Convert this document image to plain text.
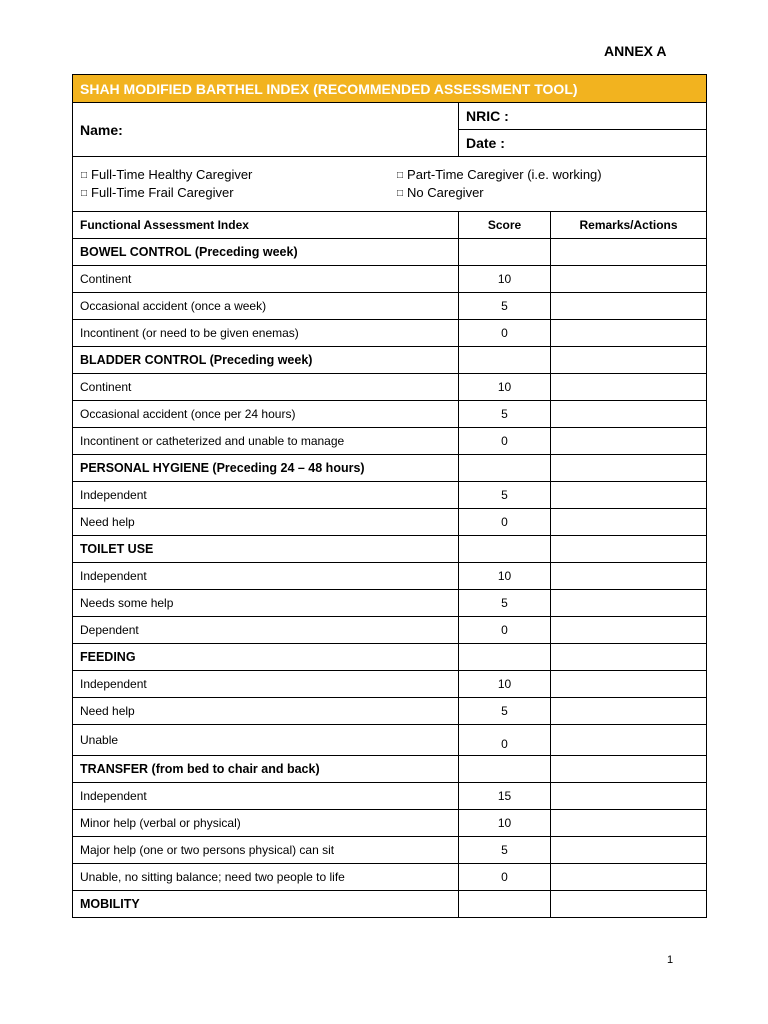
ANNEX A
SHAH MODIFIED BARTHEL INDEX (RECOMMENDED ASSESSMENT TOOL)		
Name:	NRIC :	
	Date :	

□ Full-Time Healthy Caregiver □ Part-Time Caregiver (i.e. working)
□ Full-Time Frail Caregiver □ No Caregiver		

Functional Assessment Index	Score	Remarks/Actions
BOWEL CONTROL (Preceding week)		
Continent	10	
Occasional accident (once a week)	5	
Incontinent (or need to be given enemas)	0	
BLADDER CONTROL (Preceding week)		
Continent	10	
Occasional accident (once per 24 hours)	5	
Incontinent or catheterized and unable to manage	0	
PERSONAL HYGIENE (Preceding 24 – 48 hours)		
Independent	5	
Need help	0	
TOILET USE		
Independent	10	
Needs some help	5	
Dependent	0	
FEEDING		
Independent	10	
Need help	5	
Unable	0	
TRANSFER (from bed to chair and back)		
Independent	15	
Minor help (verbal or physical)	10	
Major help (one or two persons physical) can sit	5	
Unable, no sitting balance; need two people to life	0	
MOBILITY		
1
